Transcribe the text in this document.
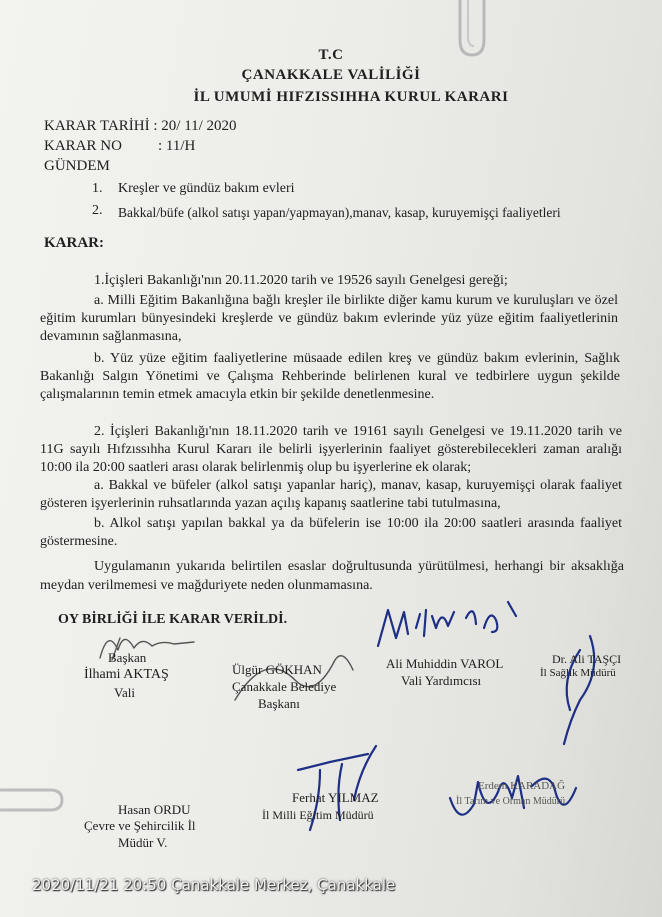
T.C
ÇANAKKALE VALİLİĞİ
İL UMUMİ HIFZISSIHHA KURUL KARARI
KARAR TARİHİ : 20/ 11/ 2020
KARAR NO : 11/H
GÜNDEM
1. Kreşler ve gündüz bakım evleri
2. Bakkal/büfe (alkol satışı yapan/yapmayan),manav, kasap, kuruyemişçi faaliyetleri
KARAR:
1.İçişleri Bakanlığı'nın 20.11.2020 tarih ve 19526 sayılı Genelgesi gereği;
a. Milli Eğitim Bakanlığına bağlı kreşler ile birlikte diğer kamu kurum ve kuruluşları ve özel eğitim kurumları bünyesindeki kreşlerde ve gündüz bakım evlerinde yüz yüze eğitim faaliyetlerinin devamının sağlanmasına,
b. Yüz yüze eğitim faaliyetlerine müsaade edilen kreş ve gündüz bakım evlerinin, Sağlık Bakanlığı Salgın Yönetimi ve Çalışma Rehberinde belirlenen kural ve tedbirlere uygun şekilde çalışmalarının temin etmek amacıyla etkin bir şekilde denetlenmesine.
2. İçişleri Bakanlığı'nın 18.11.2020 tarih ve 19161 sayılı Genelgesi ve 19.11.2020 tarih ve 11G sayılı Hıfzıssıhha Kurul Kararı ile belirli işyerlerinin faaliyet gösterebilecekleri zaman aralığı 10:00 ila 20:00 saatleri arası olarak belirlenmiş olup bu işyerlerine ek olarak;
a. Bakkal ve büfeler (alkol satışı yapanlar hariç), manav, kasap, kuruyemişçi olarak faaliyet gösteren işyerlerinin ruhsatlarında yazan açılış kapanış saatlerine tabi tutulmasına,
b. Alkol satışı yapılan bakkal ya da büfelerin ise 10:00 ila 20:00 saatleri arasında faaliyet göstermesine.
Uygulamanın yukarıda belirtilen esaslar doğrultusunda yürütülmesi, herhangi bir aksaklığa meydan verilmemesi ve mağduriyete neden olunmamasına.
OY BİRLİĞİ İLE KARAR VERİLDİ.
Başkan
İlhami AKTAŞ
Vali
Ülgür GÖKHAN
Çanakkale Belediye
Başkanı
Ali Muhiddin VAROL
Vali Yardımcısı
Dr. Ali TAŞÇI
İl Sağlık Müdürü
Hasan ORDU
Çevre ve Şehircilik İl
Müdür V.
Ferhat YILMAZ
İl Milli Eğitim Müdürü
Erdem KARADAĞ
İl Tarım ve Orman Müdürü
2020/11/21 20:50 Çanakkale Merkez, Çanakkale
